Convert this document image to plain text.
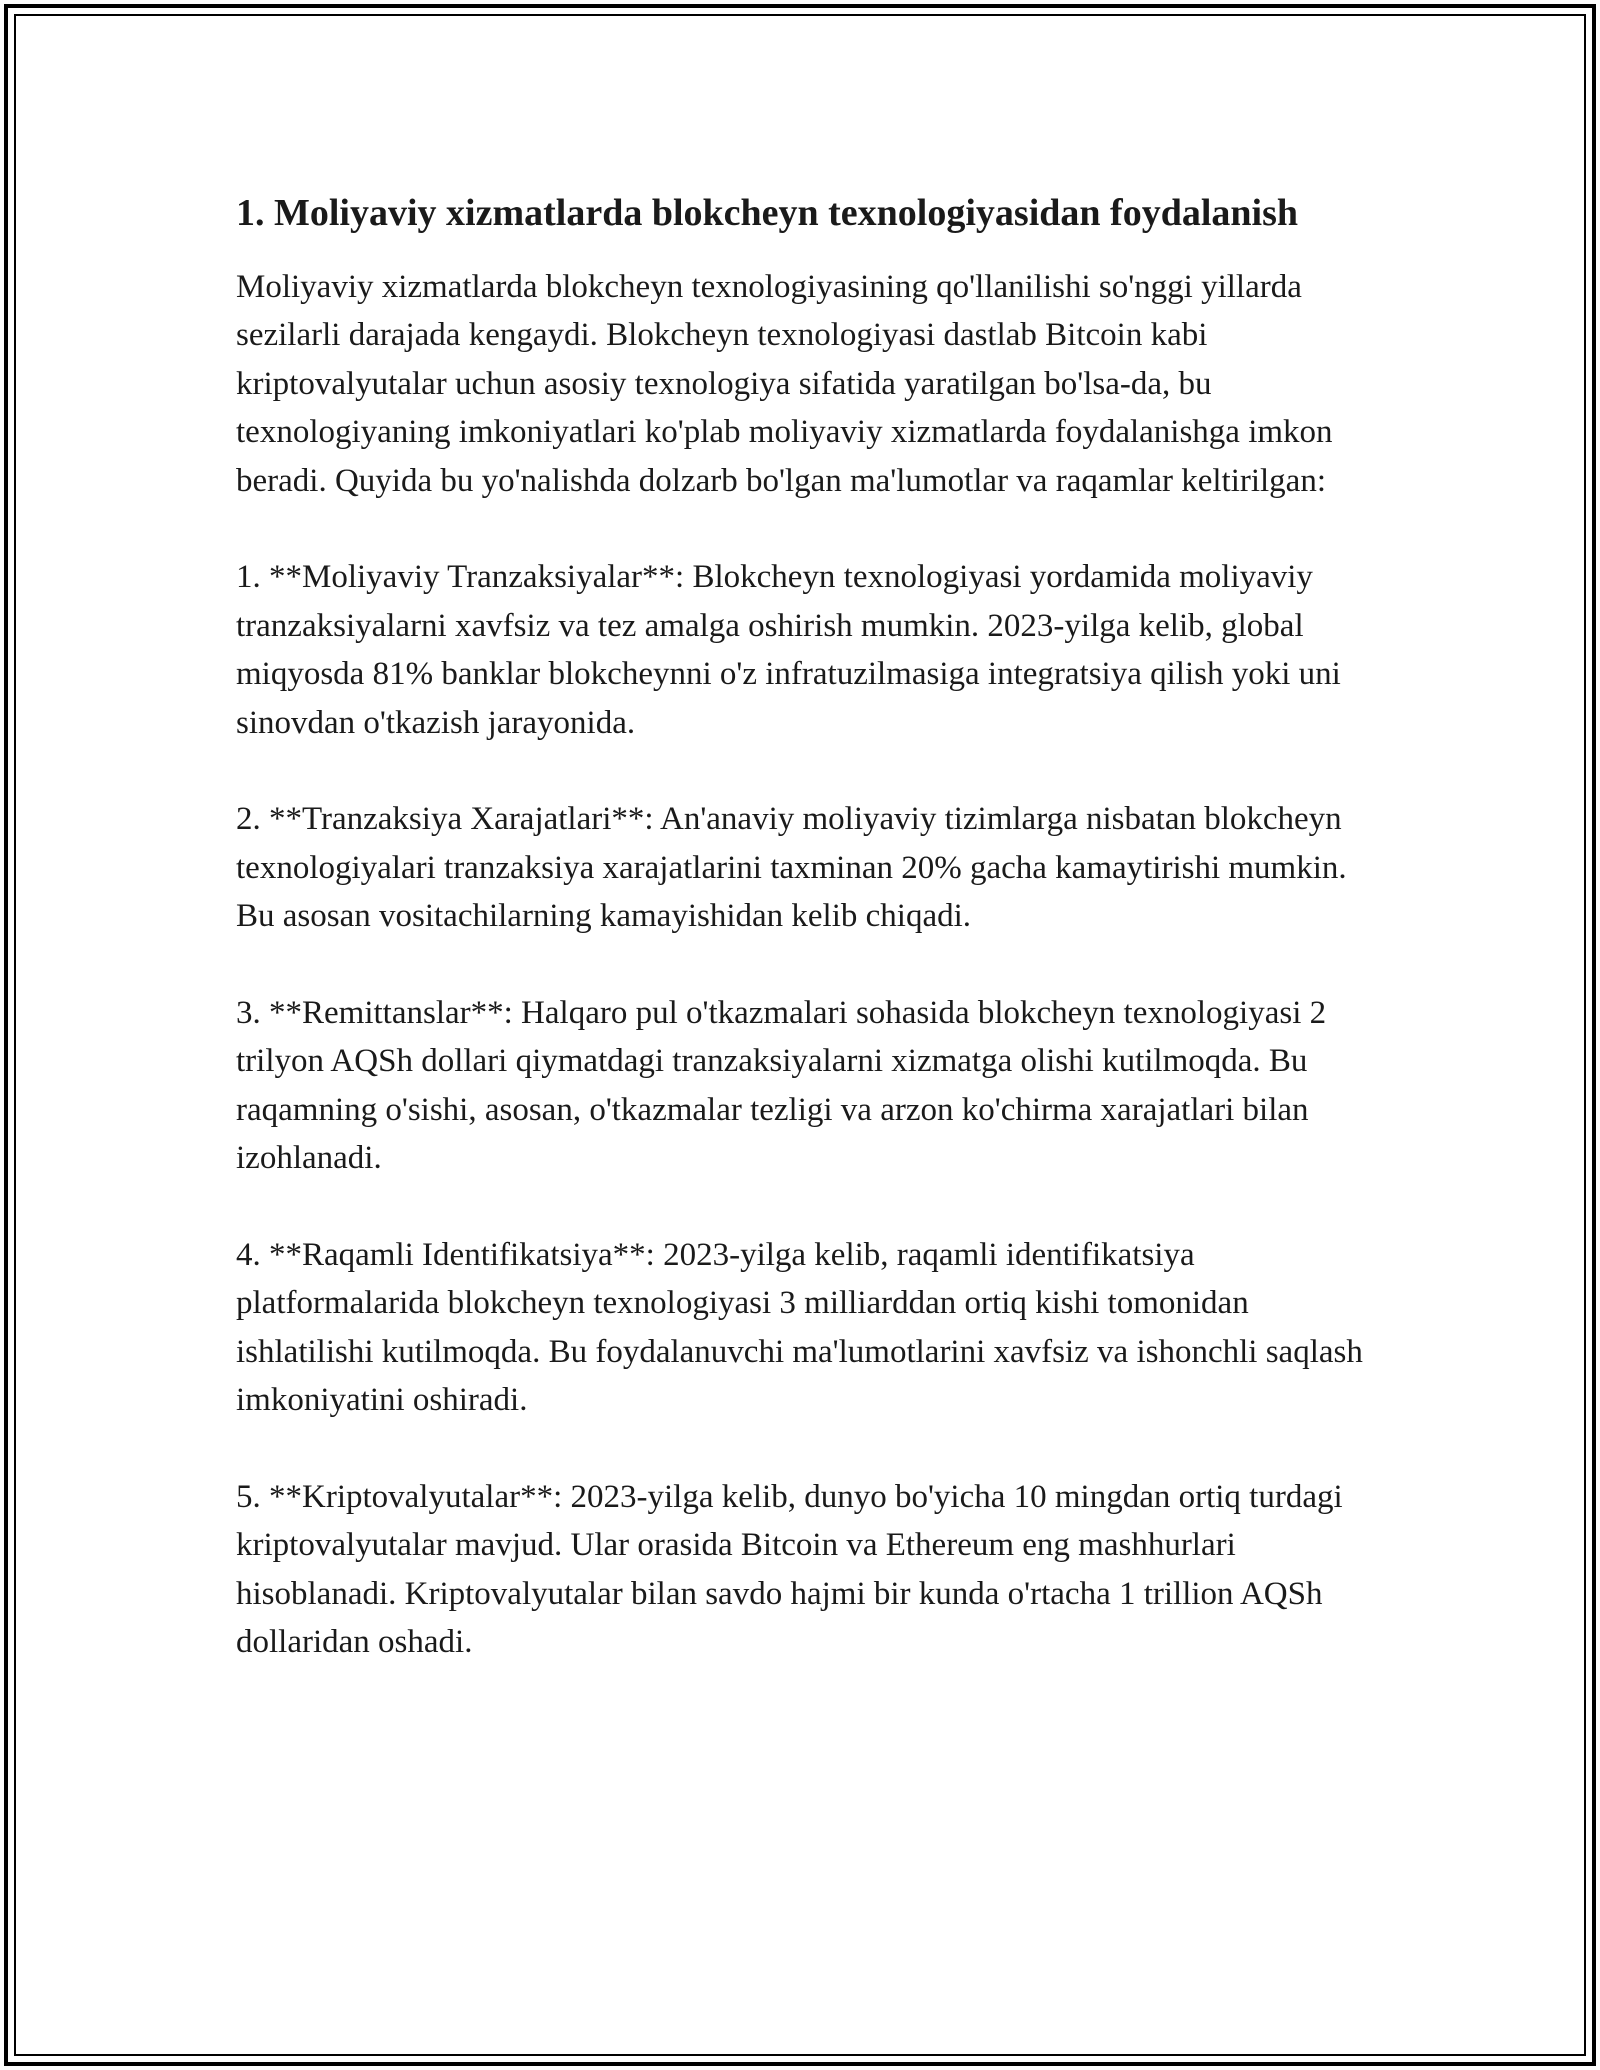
1. Moliyaviy xizmatlarda blokcheyn texnologiyasidan foydalanish

Moliyaviy xizmatlarda blokcheyn texnologiyasining qo'llanilishi so'nggi yillarda sezilarli darajada kengaydi. Blokcheyn texnologiyasi dastlab Bitcoin kabi kriptovalyutalar uchun asosiy texnologiya sifatida yaratilgan bo'lsa-da, bu texnologiyaning imkoniyatlari ko'plab moliyaviy xizmatlarda foydalanishga imkon beradi. Quyida bu yo'nalishda dolzarb bo'lgan ma'lumotlar va raqamlar keltirilgan:

1. **Moliyaviy Tranzaksiyalar**: Blokcheyn texnologiyasi yordamida moliyaviy tranzaksiyalarni xavfsiz va tez amalga oshirish mumkin. 2023-yilga kelib, global miqyosda 81% banklar blokcheynni o'z infratuzilmasiga integratsiya qilish yoki uni sinovdan o'tkazish jarayonida.

2. **Tranzaksiya Xarajatlari**: An'anaviy moliyaviy tizimlarga nisbatan blokcheyn texnologiyalari tranzaksiya xarajatlarini taxminan 20% gacha kamaytirishi mumkin. Bu asosan vositachilarning kamayishidan kelib chiqadi.

3. **Remittanslar**: Halqaro pul o'tkazmalari sohasida blokcheyn texnologiyasi 2 trilyon AQSh dollari qiymatdagi tranzaksiyalarni xizmatga olishi kutilmoqda. Bu raqamning o'sishi, asosan, o'tkazmalar tezligi va arzon ko'chirma xarajatlari bilan izohlanadi.

4. **Raqamli Identifikatsiya**: 2023-yilga kelib, raqamli identifikatsiya platformalarida blokcheyn texnologiyasi 3 milliarddan ortiq kishi tomonidan ishlatilishi kutilmoqda. Bu foydalanuvchi ma'lumotlarini xavfsiz va ishonchli saqlash imkoniyatini oshiradi.

5. **Kriptovalyutalar**: 2023-yilga kelib, dunyo bo'yicha 10 mingdan ortiq turdagi kriptovalyutalar mavjud. Ular orasida Bitcoin va Ethereum eng mashhurlari hisoblanadi. Kriptovalyutalar bilan savdo hajmi bir kunda o'rtacha 1 trillion AQSh dollaridan oshadi.
